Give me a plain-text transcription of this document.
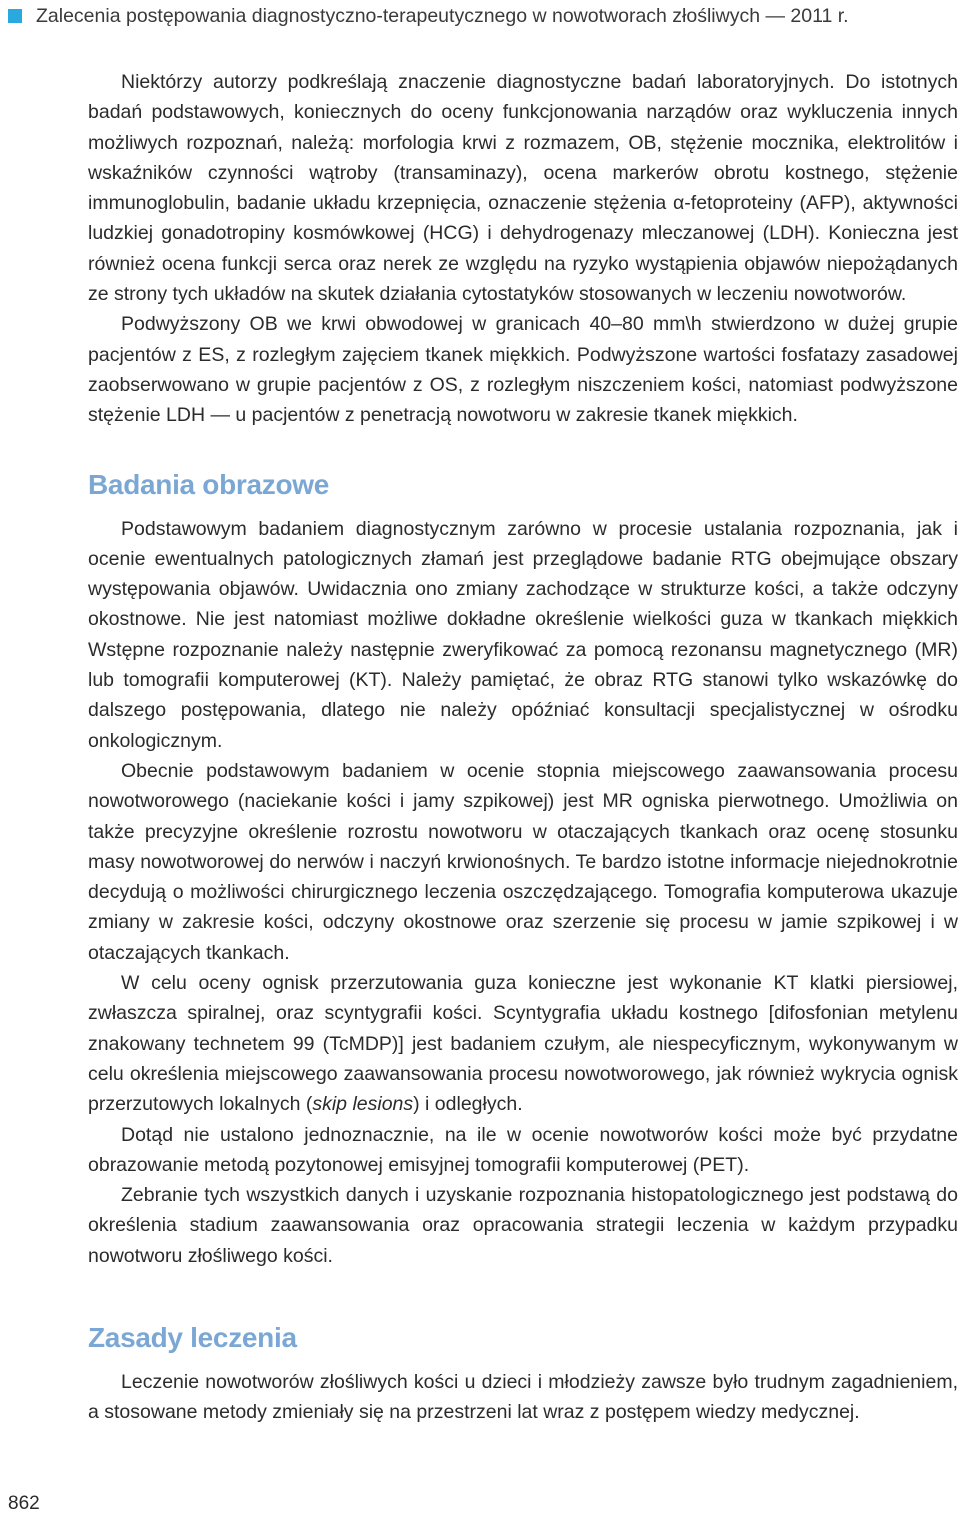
Zalecenia postępowania diagnostyczno-terapeutycznego w nowotworach złośliwych — 2011 r.

Niektórzy autorzy podkreślają znaczenie diagnostyczne badań laboratoryjnych. Do istotnych badań podstawowych, koniecznych do oceny funkcjonowania narządów oraz wykluczenia innych możliwych rozpoznań, należą: morfologia krwi z rozmazem, OB, stężenie mocznika, elektrolitów i wskaźników czynności wątroby (transaminazy), ocena markerów obrotu kostnego, stężenie immunoglobulin, badanie układu krzepnięcia, oznaczenie stężenia α-fetoproteiny (AFP), aktywności ludzkiej gonadotropiny kosmówkowej (HCG) i dehydrogenazy mleczanowej (LDH). Konieczna jest również ocena funkcji serca oraz nerek ze względu na ryzyko wystąpienia objawów niepożądanych ze strony tych układów na skutek działania cytostatyków stosowanych w leczeniu nowotworów.

Podwyższony OB we krwi obwodowej w granicach 40–80 mm\h stwierdzono w dużej grupie pacjentów z ES, z rozległym zajęciem tkanek miękkich. Podwyższone wartości fosfatazy zasadowej zaobserwowano w grupie pacjentów z OS, z rozległym niszczeniem kości, natomiast podwyższone stężenie LDH — u pacjentów z penetracją nowotworu w zakresie tkanek miękkich.

Badania obrazowe

Podstawowym badaniem diagnostycznym zarówno w procesie ustalania rozpoznania, jak i ocenie ewentualnych patologicznych złamań jest przeglądowe badanie RTG obejmujące obszary występowania objawów. Uwidacznia ono zmiany zachodzące w strukturze kości, a także odczyny okostnowe. Nie jest natomiast możliwe dokładne określenie wielkości guza w tkankach miękkich Wstępne rozpoznanie należy następnie zweryfikować za pomocą rezonansu magnetycznego (MR) lub tomografii komputerowej (KT). Należy pamiętać, że obraz RTG stanowi tylko wskazówkę do dalszego postępowania, dlatego nie należy opóźniać konsultacji specjalistycznej w ośrodku onkologicznym.

Obecnie podstawowym badaniem w ocenie stopnia miejscowego zaawansowania procesu nowotworowego (naciekanie kości i jamy szpikowej) jest MR ogniska pierwotnego. Umożliwia on także precyzyjne określenie rozrostu nowotworu w otaczających tkankach oraz ocenę stosunku masy nowotworowej do nerwów i naczyń krwionośnych. Te bardzo istotne informacje niejednokrotnie decydują o możliwości chirurgicznego leczenia oszczędzającego. Tomografia komputerowa ukazuje zmiany w zakresie kości, odczyny okostnowe oraz szerzenie się procesu w jamie szpikowej i w otaczających tkankach.

W celu oceny ognisk przerzutowania guza konieczne jest wykonanie KT klatki piersiowej, zwłaszcza spiralnej, oraz scyntygrafii kości. Scyntygrafia układu kostnego [difosfonian metylenu znakowany technetem 99 (TcMDP)] jest badaniem czułym, ale niespecyficznym, wykonywanym w celu określenia miejscowego zaawansowania procesu nowotworowego, jak również wykrycia ognisk przerzutowych lokalnych (skip lesions) i odległych.

Dotąd nie ustalono jednoznacznie, na ile w ocenie nowotworów kości może być przydatne obrazowanie metodą pozytonowej emisyjnej tomografii komputerowej (PET).

Zebranie tych wszystkich danych i uzyskanie rozpoznania histopatologicznego jest podstawą do określenia stadium zaawansowania oraz opracowania strategii leczenia w każdym przypadku nowotworu złośliwego kości.

Zasady leczenia

Leczenie nowotworów złośliwych kości u dzieci i młodzieży zawsze było trudnym zagadnieniem, a stosowane metody zmieniały się na przestrzeni lat wraz z postępem wiedzy medycznej.

862
